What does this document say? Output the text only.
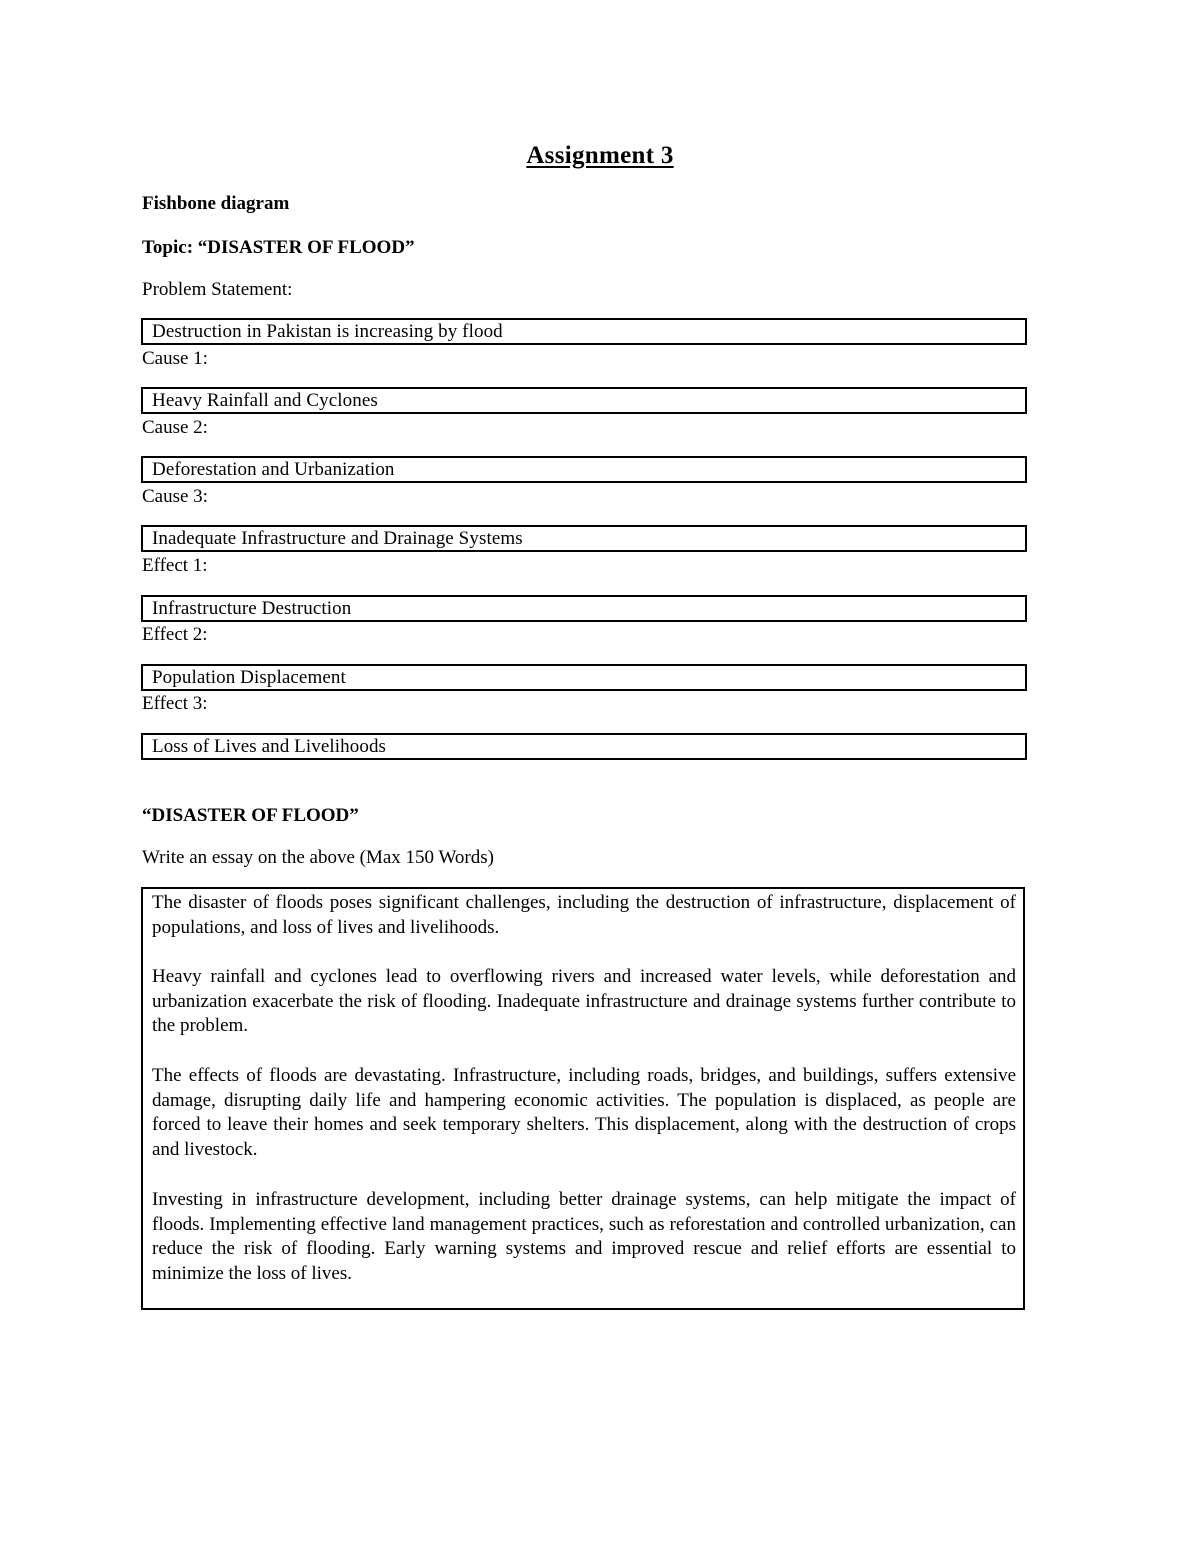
Assignment 3
Fishbone diagram
Topic: “DISASTER OF FLOOD”
Problem Statement:
Destruction in Pakistan is increasing by flood
Cause 1:
Heavy Rainfall and Cyclones
Cause 2:
Deforestation and Urbanization
Cause 3:
Inadequate Infrastructure and Drainage Systems
Effect 1:
Infrastructure Destruction
Effect 2:
Population Displacement
Effect 3:
Loss of Lives and Livelihoods
“DISASTER OF FLOOD”
Write an essay on the above (Max 150 Words)

The disaster of floods poses significant challenges, including the destruction of infrastructure, displacement of populations, and loss of lives and livelihoods.

Heavy rainfall and cyclones lead to overflowing rivers and increased water levels, while deforestation and urbanization exacerbate the risk of flooding. Inadequate infrastructure and drainage systems further contribute to the problem.

The effects of floods are devastating. Infrastructure, including roads, bridges, and buildings, suffers extensive damage, disrupting daily life and hampering economic activities. The population is displaced, as people are forced to leave their homes and seek temporary shelters. This displacement, along with the destruction of crops and livestock.

Investing in infrastructure development, including better drainage systems, can help mitigate the impact of floods. Implementing effective land management practices, such as reforestation and controlled urbanization, can reduce the risk of flooding. Early warning systems and improved rescue and relief efforts are essential to minimize the loss of lives.
